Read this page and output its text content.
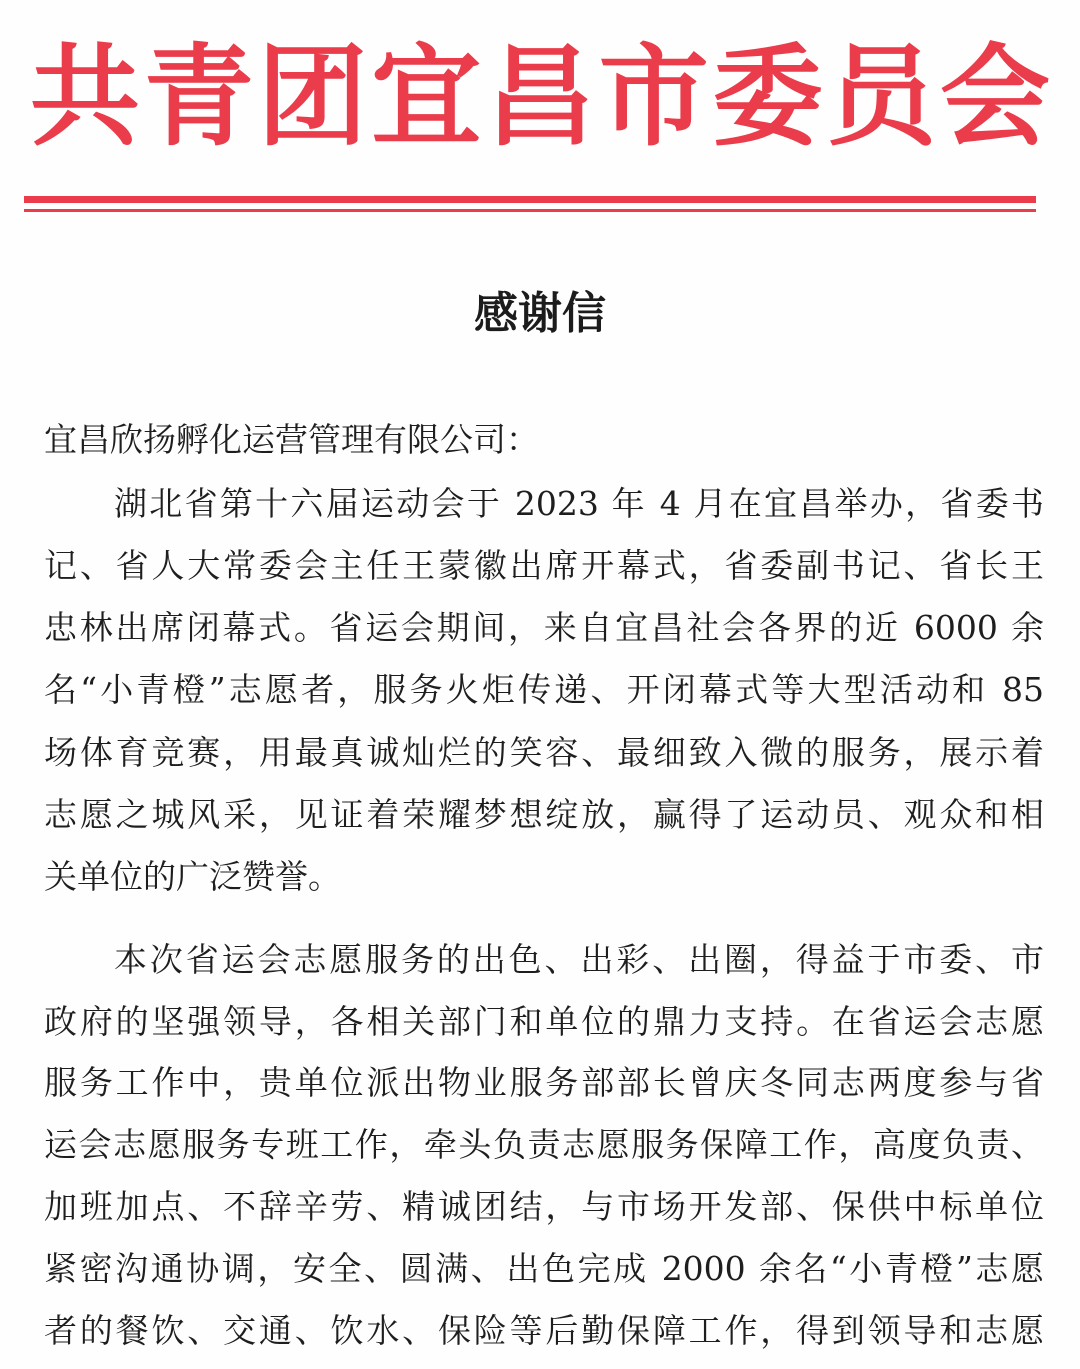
共 青 团 宜 昌 市 委 员 会
感谢信
宜昌欣扬孵化运营管理有限公司：
湖北省第十六届运动会于 2023 年 4 月在宜昌举办，省委书
记、省人大常委会主任王蒙徽出席开幕式，省委副书记、省长王
忠林出席闭幕式。省运会期间，来自宜昌社会各界的近 6000 余
名“小青橙”志愿者，服务火炬传递、开闭幕式等大型活动和 85
场体育竞赛，用最真诚灿烂的笑容、最细致入微的服务，展示着
志愿之城风采，见证着荣耀梦想绽放，赢得了运动员、观众和相
关单位的广泛赞誉。
本次省运会志愿服务的出色、出彩、出圈，得益于市委、市
政府的坚强领导，各相关部门和单位的鼎力支持。在省运会志愿
服务工作中，贵单位派出物业服务部部长曾庆冬同志两度参与省
运会志愿服务专班工作，牵头负责志愿服务保障工作，高度负责、
加班加点、不辞辛劳、精诚团结，与市场开发部、保供中标单位
紧密沟通协调，安全、圆满、出色完成 2000 余名“小青橙”志愿
者的餐饮、交通、饮水、保险等后勤保障工作，得到领导和志愿
